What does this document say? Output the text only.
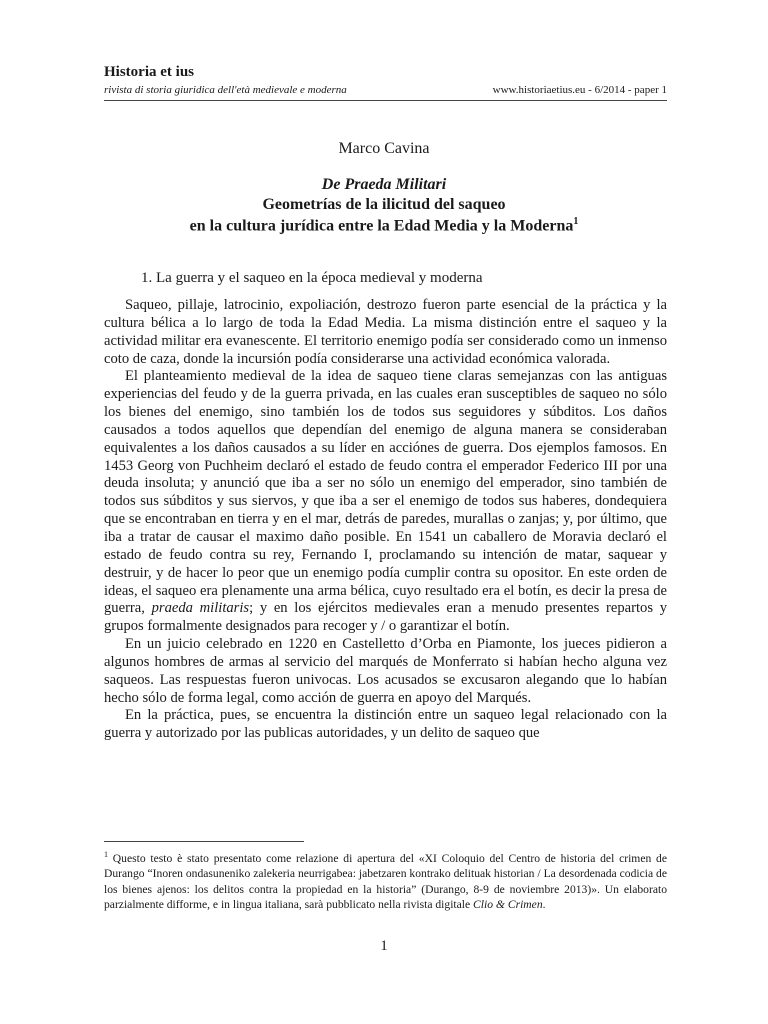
Historia et ius
rivista di storia giuridica dell'età medievale e moderna	www.historiaetius.eu - 6/2014 - paper 1
Marco Cavina
De Praeda Militari
Geometrías de la ilicitud del saqueo
en la cultura jurídica entre la Edad Media y la Moderna$^1$
1. La guerra y el saqueo en la época medieval y moderna

Saqueo, pillaje, latrocinio, expoliación, destrozo fueron parte esencial de la práctica y la cultura bélica a lo largo de toda la Edad Media. La misma distinción entre el saqueo y la actividad militar era evanescente. El territorio enemigo podía ser considerado como un inmenso coto de caza, donde la incursión podía considerarse una actividad económica valorada.

El planteamiento medieval de la idea de saqueo tiene claras semejanzas con las antiguas experiencias del feudo y de la guerra privada, en las cuales eran susceptibles de saqueo no sólo los bienes del enemigo, sino también los de todos sus seguidores y súbditos. Los daños causados a todos aquellos que dependían del enemigo de alguna manera se consideraban equivalentes a los daños causados a su líder en acciónes de guerra. Dos ejemplos famosos. En 1453 Georg von Puchheim declaró el estado de feudo contra el emperador Federico III por una deuda insoluta; y anunció que iba a ser no sólo un enemigo del emperador, sino también de todos sus súbditos y sus siervos, y que iba a ser el enemigo de todos sus haberes, dondequiera que se encontraban en tierra y en el mar, detrás de paredes, murallas o zanjas; y, por último, que iba a tratar de causar el maximo daño posible. En 1541 un caballero de Moravia declaró el estado de feudo contra su rey, Fernando I, proclamando su intención de matar, saquear y destruir, y de hacer lo peor que un enemigo podía cumplir contra su opositor. En este orden de ideas, el saqueo era plenamente una arma bélica, cuyo resultado era el botín, es decir la presa de guerra, praeda militaris; y en los ejércitos medievales eran a menudo presentes repartos y grupos formalmente designados para recoger y / o garantizar el botín.

En un juicio celebrado en 1220 en Castelletto d’Orba en Piamonte, los jueces pidieron a algunos hombres de armas al servicio del marqués de Monferrato si habían hecho alguna vez saqueos. Las respuestas fueron univocas. Los acusados se excusaron alegando que lo habían hecho sólo de forma legal, como acción de guerra en apoyo del Marqués.

En la práctica, pues, se encuentra la distinción entre un saqueo legal relacionado con la guerra y autorizado por las publicas autoridades, y un delito de saqueo que

$^1$ Questo testo è stato presentato come relazione di apertura del «XI Coloquio del Centro de historia del crimen de Durango “Inoren ondasuneniko zalekeria neurrigabea: jabetzaren kontrako delituak historian / La desordenada codicia de los bienes ajenos: los delitos contra la propiedad en la historia” (Durango, 8-9 de noviembre 2013)». Un elaborato parzialmente difforme, e in lingua italiana, sarà pubblicato nella rivista digitale Clio & Crimen.
1
